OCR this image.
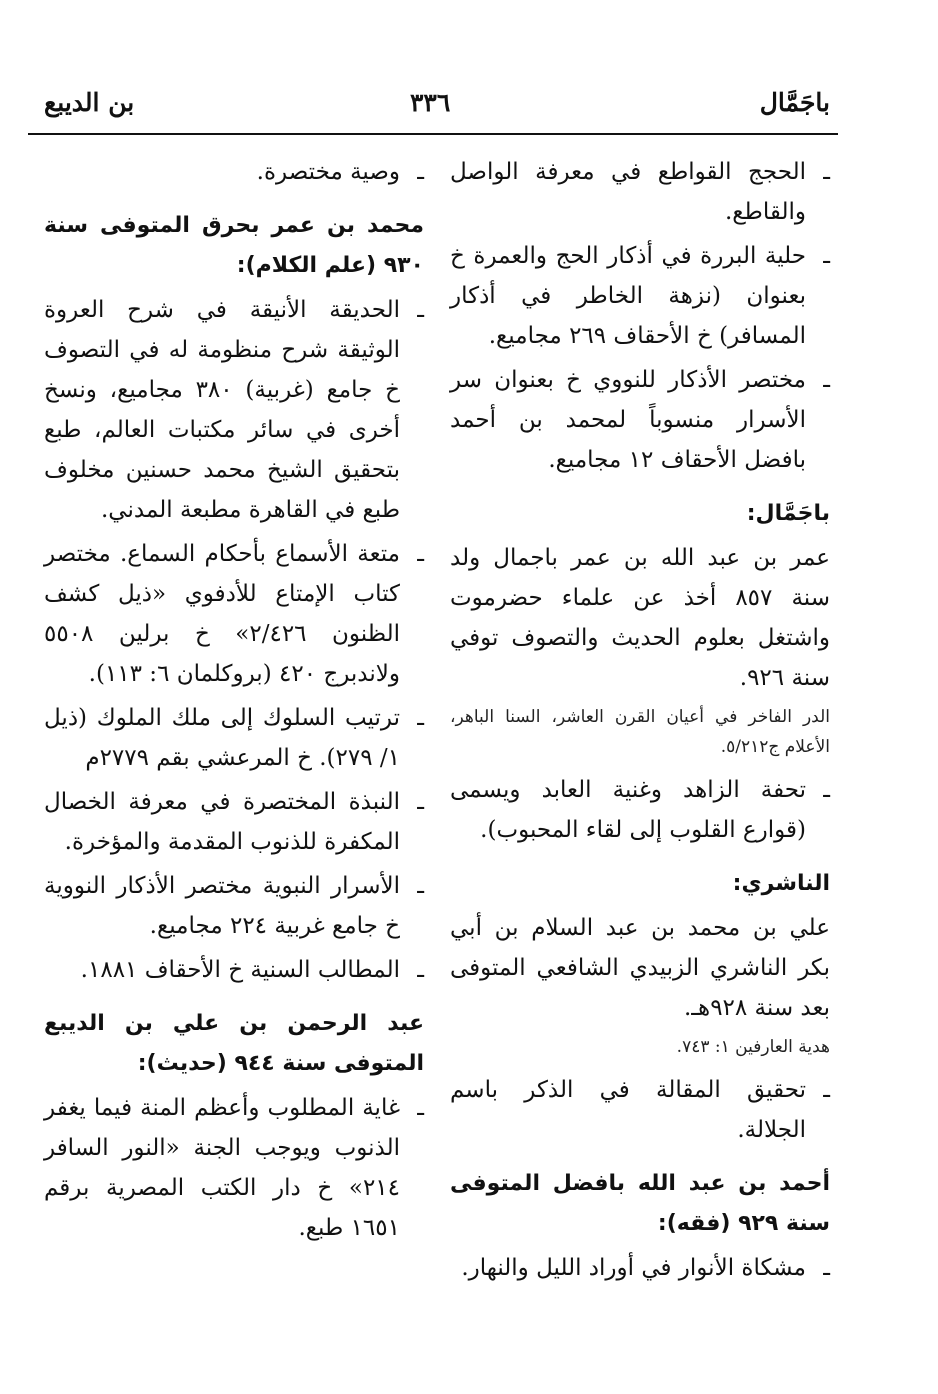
باجَمَّال
٣٣٦
بن الديبع

ـ الحجج القواطع في معرفة الواصل والقاطع.

ـ حلية البررة في أذكار الحج والعمرة خ بعنوان (نزهة الخاطر في أذكار المسافر) خ الأحقاف ٢٦٩ مجاميع.

ـ مختصر الأذكار للنووي خ بعنوان سر الأسرار منسوباً لمحمد بن أحمد بافضل الأحقاف ١٢ مجاميع.

باجَمَّال:

عمر بن عبد الله بن عمر باجمال ولد سنة ٨٥٧ أخذ عن علماء حضرموت واشتغل بعلوم الحديث والتصوف توفي سنة ٩٢٦.

الدر الفاخر في أعيان القرن العاشر، السنا الباهر، الأعلام ج٥/٢١٢.

ـ تحفة الزاهد وغنية العابد ويسمى (قوارع القلوب إلى لقاء المحبوب).

الناشري:

علي بن محمد بن عبد السلام بن أبي بكر الناشري الزبيدي الشافعي المتوفى بعد سنة ٩٢٨هـ.

هدية العارفين ١: ٧٤٣.

ـ تحقيق المقالة في الذكر باسم الجلالة.

أحمد بن عبد الله بافضل المتوفى سنة ٩٢٩ (فقه):

ـ مشكاة الأنوار في أوراد الليل والنهار.

ـ وصية مختصرة.

محمد بن عمر بحرق المتوفى سنة ٩٣٠ (علم الكلام):

ـ الحديقة الأنيقة في شرح العروة الوثيقة شرح منظومة له في التصوف خ جامع (غربية) ٣٨٠ مجاميع، ونسخ أخرى في سائر مكتبات العالم، طبع بتحقيق الشيخ محمد حسنين مخلوف طبع في القاهرة مطبعة المدني.

ـ متعة الأسماع بأحكام السماع. مختصر كتاب الإمتاع للأدفوي «ذيل كشف الظنون ٢/٤٢٦» خ برلين ٥٥٠٨ ولاندبرج ٤٢٠ (بروكلمان ٦: ١١٣).

ـ ترتيب السلوك إلى ملك الملوك (ذيل ١/ ٢٧٩). خ المرعشي بقم ٢٧٧٩م

ـ النبذة المختصرة في معرفة الخصال المكفرة للذنوب المقدمة والمؤخرة.

ـ الأسرار النبوية مختصر الأذكار النووية خ جامع غربية ٢٢٤ مجاميع.

ـ المطالب السنية خ الأحقاف ١٨٨١.

عبد الرحمن بن علي بن الديبع المتوفى سنة ٩٤٤ (حديث):

ـ غاية المطلوب وأعظم المنة فيما يغفر الذنوب ويوجب الجنة «النور السافر ٢١٤» خ دار الكتب المصرية برقم ١٦٥١ طبع.
